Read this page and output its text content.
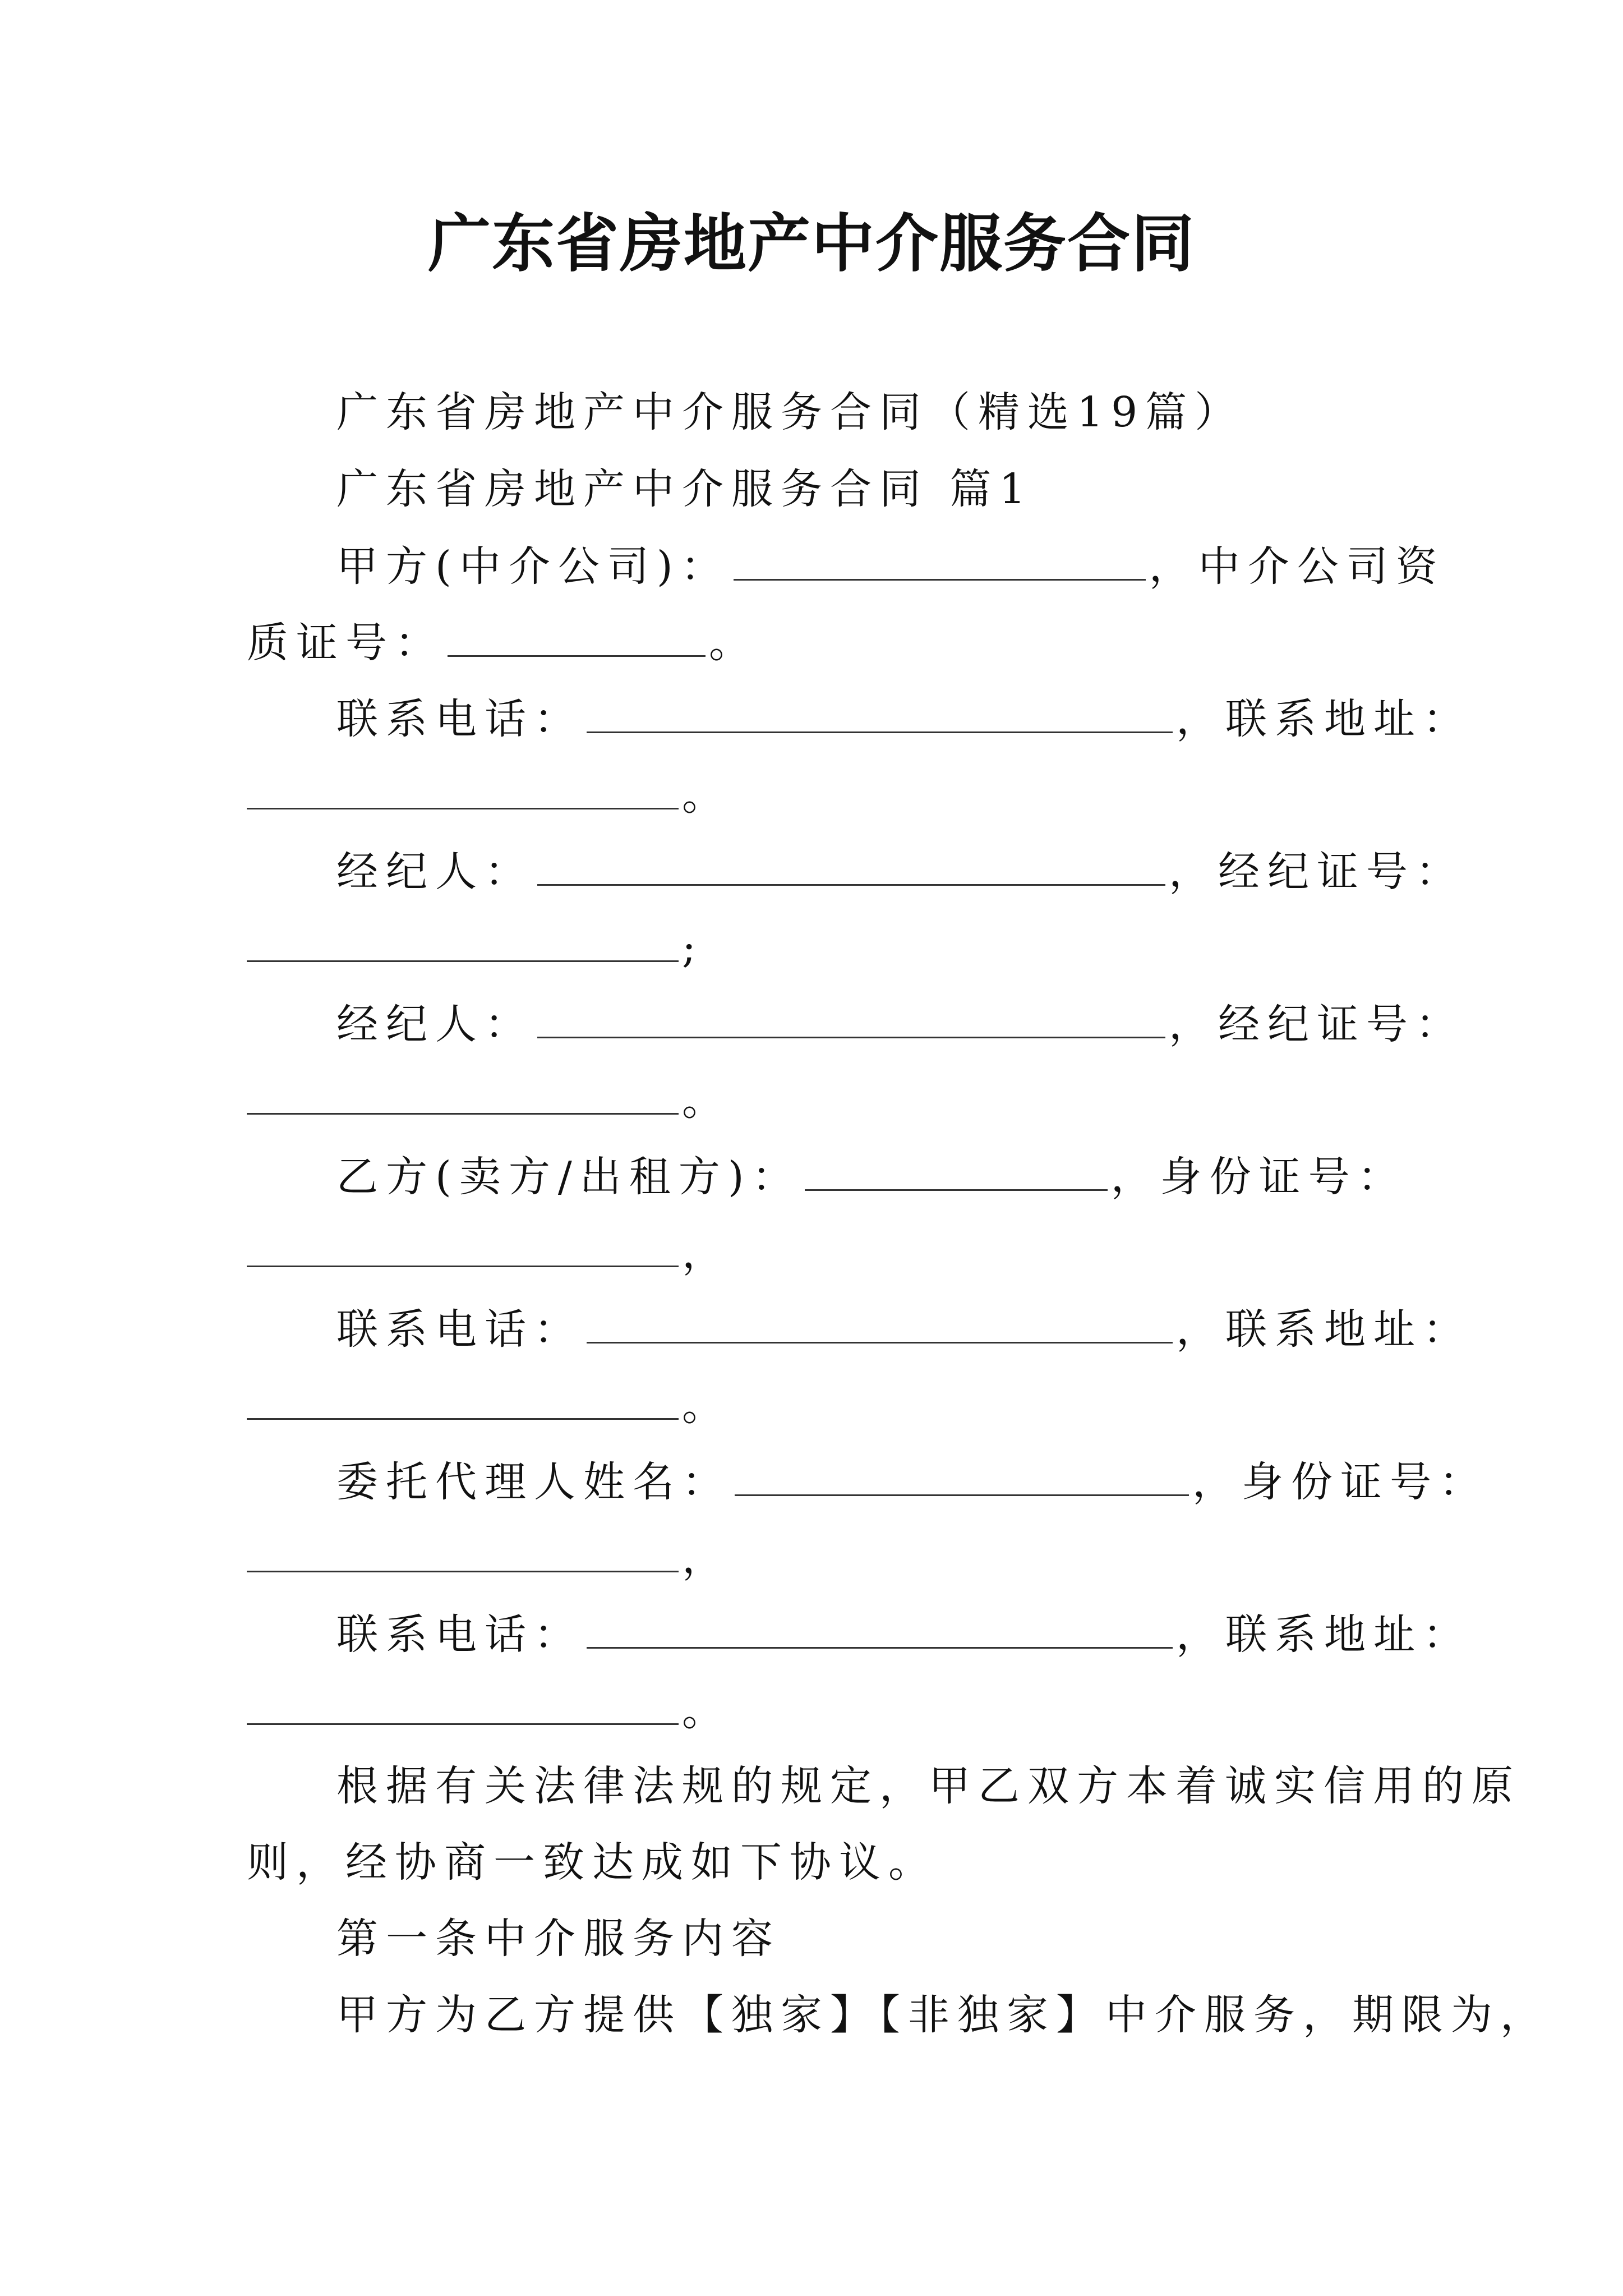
广东省房地产中介服务合同
广东省房地产中介服务合同（精选19篇）
广东省房地产中介服务合同 篇1
甲方(中介公司)：	，中介公司资
质证号：	。
联系电话：	，联系地址：
。
经纪人：	，经纪证号：
;
经纪人：	，经纪证号：
。
乙方(卖方/出租方)：	，身份证号：
，
联系电话：	，联系地址：
。
委托代理人姓名：	，身份证号：
，
联系电话：	，联系地址：
。
根据有关法律法规的规定，甲乙双方本着诚实信用的原
则，经协商一致达成如下协议。
第一条中介服务内容
甲方为乙方提供【独家】【非独家】中介服务，期限为，
